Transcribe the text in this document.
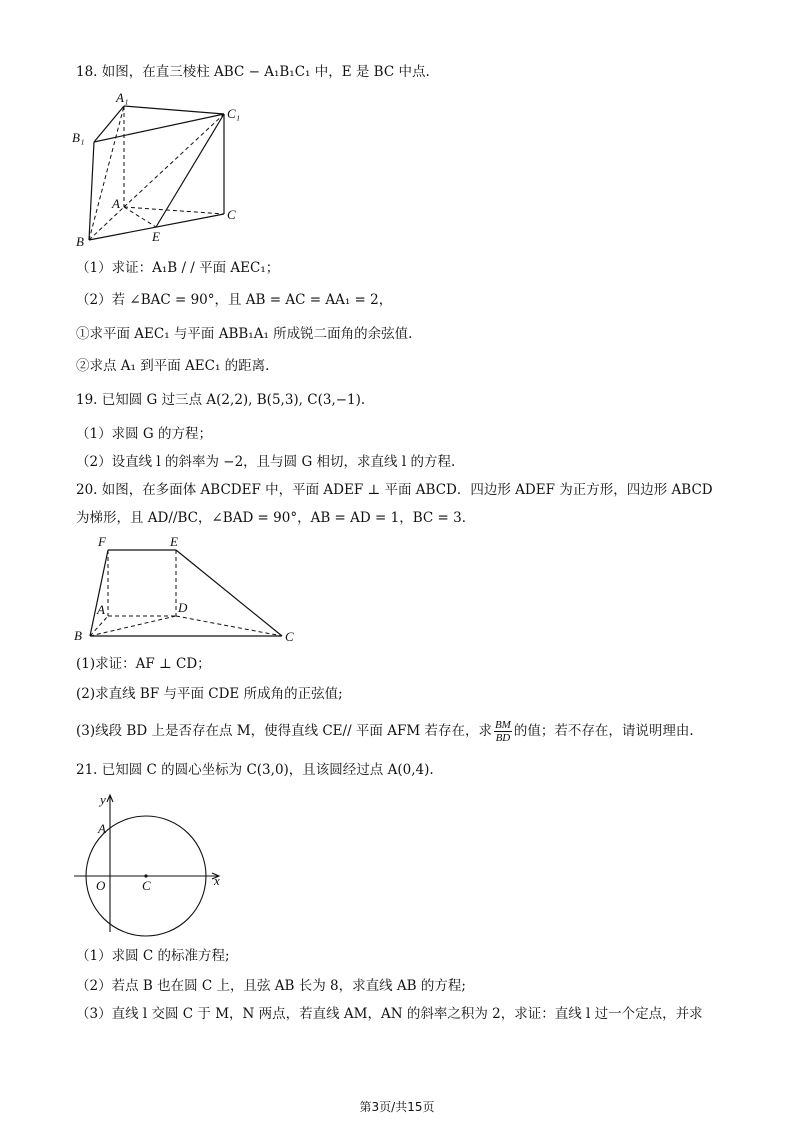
18. 如图，在直三棱柱 ABC − A₁B₁C₁ 中，E 是 BC 中点.
A₁
C₁
B₁
A
C
B	E
（1）求证：A₁B / / 平面 AEC₁；
（2）若 ∠BAC = 90°，且 AB = AC = AA₁ = 2，
①求平面 AEC₁ 与平面 ABB₁A₁ 所成锐二面角的余弦值.
②求点 A₁ 到平面 AEC₁ 的距离.
19. 已知圆 G 过三点 A(2,2), B(5,3), C(3,−1).
（1）求圆 G 的方程；
（2）设直线 l 的斜率为 −2，且与圆 G 相切，求直线 l 的方程.
20. 如图，在多面体 ABCDEF 中，平面 ADEF ⊥ 平面 ABCD．四边形 ADEF 为正方形，四边形 ABCD
为梯形，且 AD//BC，∠BAD = 90°，AB = AD = 1，BC = 3．
F	E
A	D
B	C
(1)求证：AF ⊥ CD；
(2)求直线 BF 与平面 CDE 所成角的正弦值;
(3)线段 BD 上是否存在点 M，使得直线 CE// 平面 AFM 若存在，求 $\frac{BM}{BD}$ 的值；若不存在，请说明理由.
21. 已知圆 C 的圆心坐标为 C(3,0)，且该圆经过点 A(0,4).
y
x
A
O	C
（1）求圆 C 的标准方程;
（2）若点 B 也在圆 C 上，且弦 AB 长为 8，求直线 AB 的方程;
（3）直线 l 交圆 C 于 M，N 两点，若直线 AM，AN 的斜率之积为 2，求证：直线 l 过一个定点，并求
第3页/共15页
